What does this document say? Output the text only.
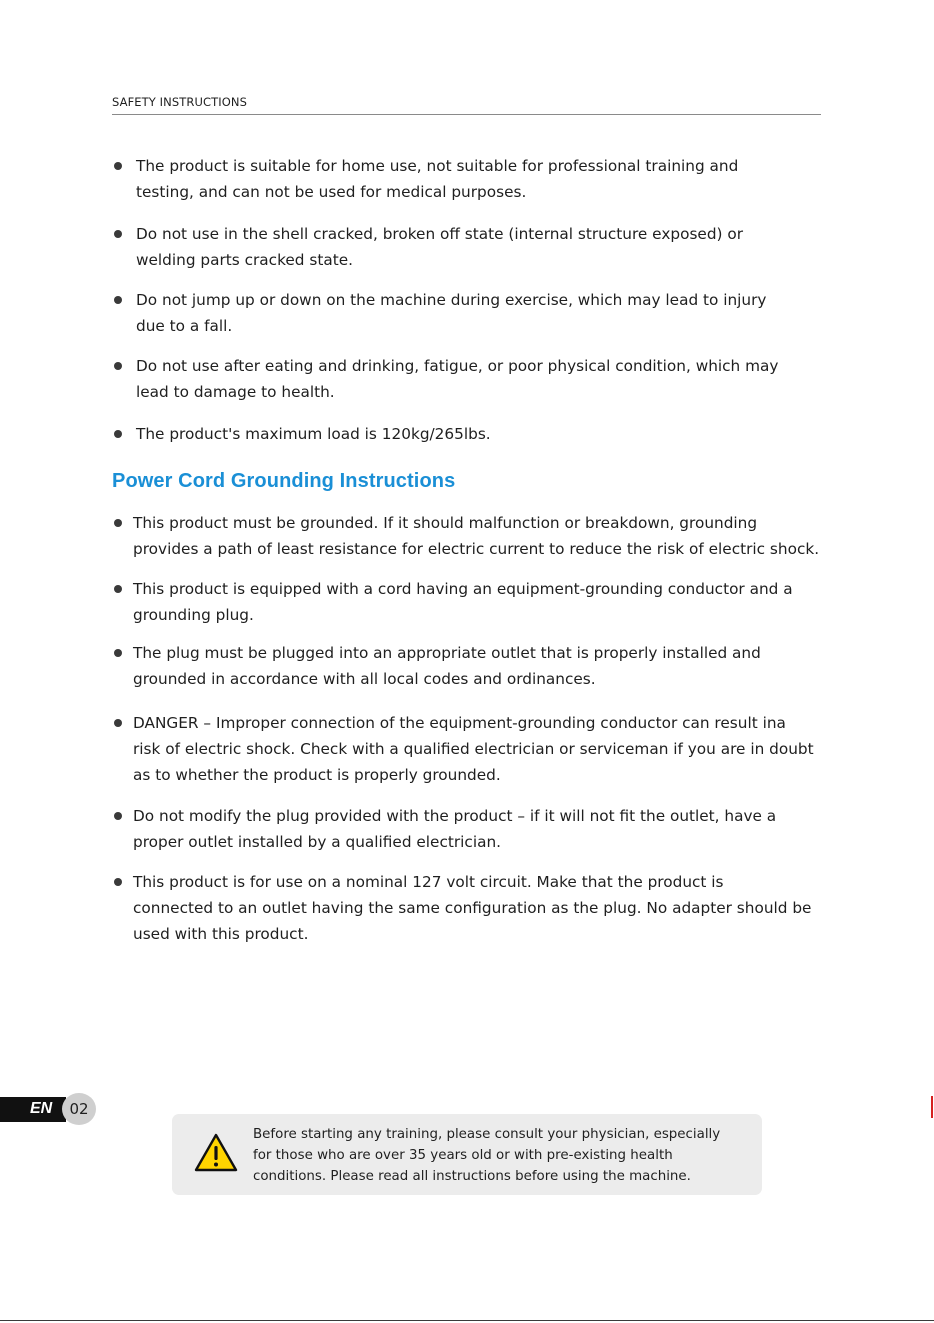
SAFETY INSTRUCTIONS
The product is suitable for home use, not suitable for professional training and
testing, and can not be used for medical purposes.
Do not use in the shell cracked, broken off state (internal structure exposed) or
welding parts cracked state.
Do not jump up or down on the machine during exercise, which may lead to injury
due to a fall.
Do not use after eating and drinking, fatigue, or poor physical condition, which may
lead to damage to health.
The product's maximum load is 120kg/265lbs.
Power Cord Grounding Instructions
This product must be grounded. If it should malfunction or breakdown, grounding
provides a path of least resistance for electric current to reduce the risk of electric shock.
This product is equipped with a cord having an equipment-grounding conductor and a
grounding plug.
The plug must be plugged into an appropriate outlet that is properly installed and
grounded in accordance with all local codes and ordinances.
DANGER – Improper connection of the equipment-grounding conductor can result ina
risk of electric shock. Check with a qualified electrician or serviceman if you are in doubt
as to whether the product is properly grounded.
Do not modify the plug provided with the product – if it will not fit the outlet, have a
proper outlet installed by a qualified electrician.
This product is for use on a nominal 127 volt circuit. Make that the product is
connected to an outlet having the same configuration as the plug. No adapter should be
used with this product.
EN	02
Before starting any training, please consult your physician, especially
for those who are over 35 years old or with pre-existing health
conditions. Please read all instructions before using the machine.
